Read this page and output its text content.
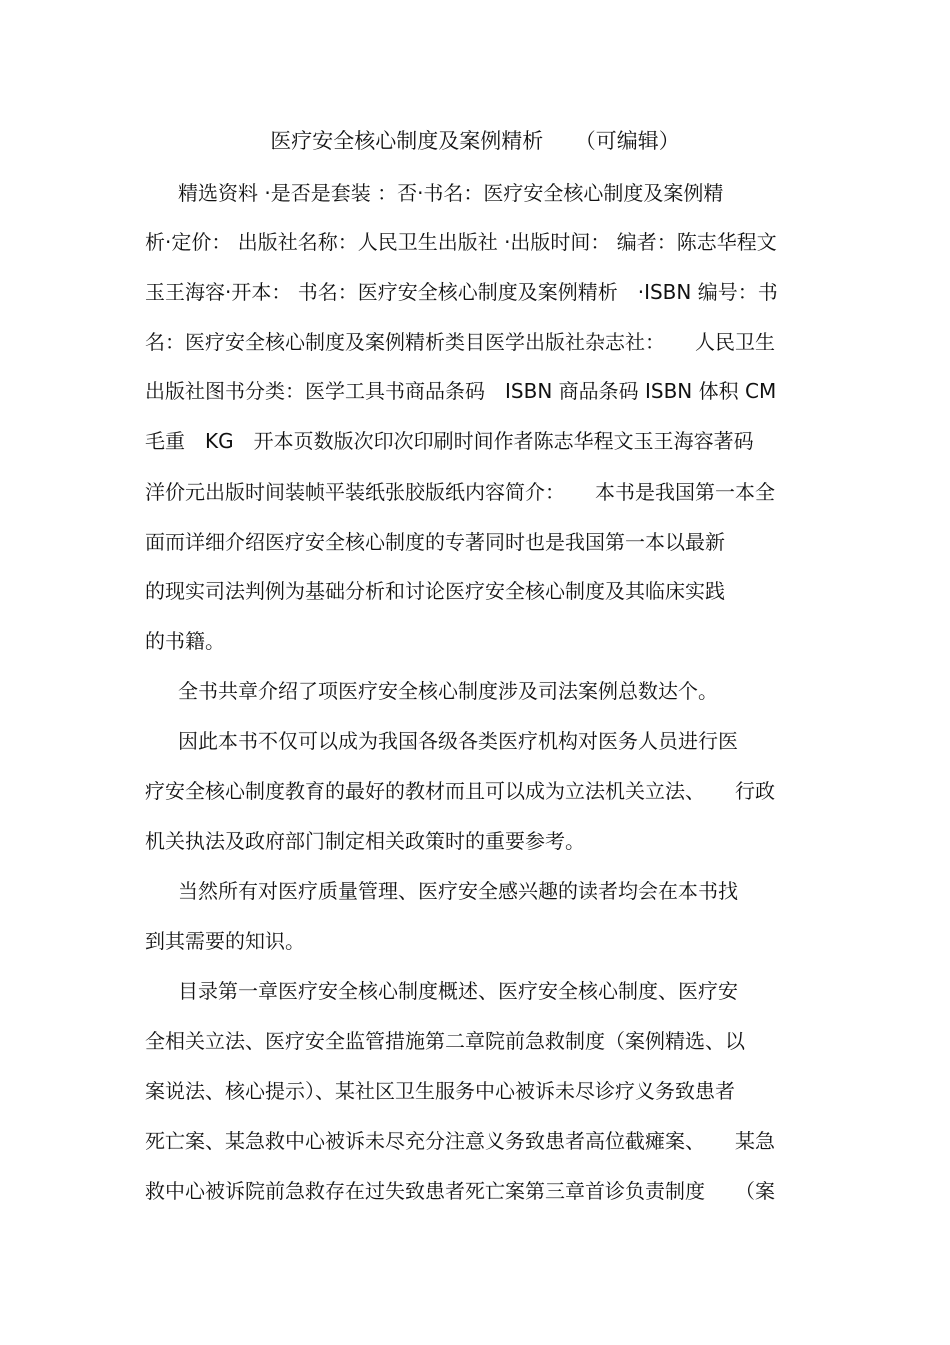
医疗安全核心制度及案例精析　　（可编辑）
精选资料 ·是否是套装 ：否·书名：医疗安全核心制度及案例精
析·定价： 出版社名称：人民卫生出版社 ·出版时间： 编者：陈志华程文
玉王海容·开本： 书名：医疗安全核心制度及案例精析　·ISBN 编号：书
名：医疗安全核心制度及案例精析类目医学出版社杂志社：　　人民卫生
出版社图书分类：医学工具书商品条码　ISBN 商品条码 ISBN 体积 CM
毛重　KG　开本页数版次印次印刷时间作者陈志华程文玉王海容著码
洋价元出版时间装帧平装纸张胶版纸内容简介：　　本书是我国第一本全
面而详细介绍医疗安全核心制度的专著同时也是我国第一本以最新
的现实司法判例为基础分析和讨论医疗安全核心制度及其临床实践
的书籍。
全书共章介绍了项医疗安全核心制度涉及司法案例总数达个。
因此本书不仅可以成为我国各级各类医疗机构对医务人员进行医
疗安全核心制度教育的最好的教材而且可以成为立法机关立法、　　行政
机关执法及政府部门制定相关政策时的重要参考。
当然所有对医疗质量管理、医疗安全感兴趣的读者均会在本书找
到其需要的知识。
目录第一章医疗安全核心制度概述、医疗安全核心制度、医疗安
全相关立法、医疗安全监管措施第二章院前急救制度（案例精选、以
案说法、核心提示）、某社区卫生服务中心被诉未尽诊疗义务致患者
死亡案、某急救中心被诉未尽充分注意义务致患者高位截瘫案、　　某急
救中心被诉院前急救存在过失致患者死亡案第三章首诊负责制度　　（案
